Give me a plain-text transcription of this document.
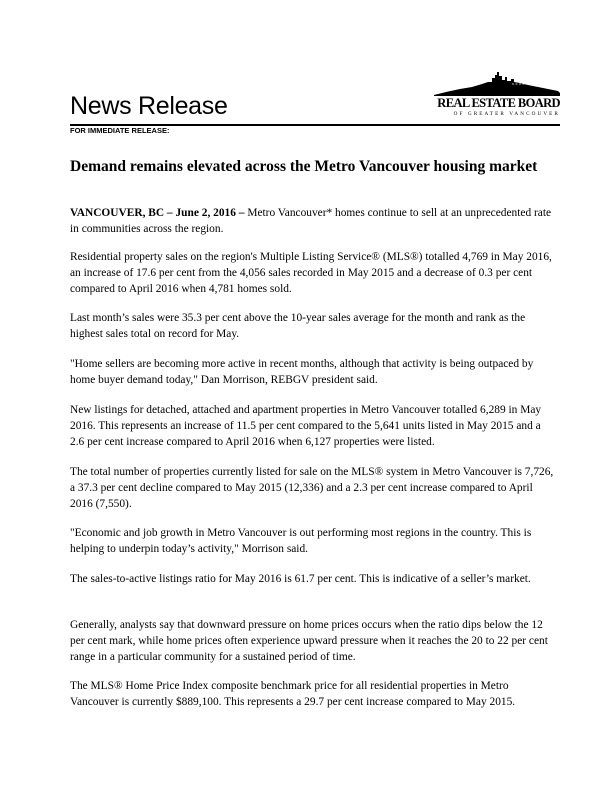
News Release
FOR IMMEDIATE RELEASE:
REAL ESTATE BOARD
OF GREATER VANCOUVER
Demand remains elevated across the Metro Vancouver housing market

VANCOUVER, BC – June 2, 2016 – Metro Vancouver* homes continue to sell at an unprecedented rate in communities across the region.

Residential property sales on the region's Multiple Listing Service® (MLS®) totalled 4,769 in May 2016, an increase of 17.6 per cent from the 4,056 sales recorded in May 2015 and a decrease of 0.3 per cent compared to April 2016 when 4,781 homes sold.

Last month’s sales were 35.3 per cent above the 10-year sales average for the month and rank as the highest sales total on record for May.

"Home sellers are becoming more active in recent months, although that activity is being outpaced by home buyer demand today," Dan Morrison, REBGV president said.

New listings for detached, attached and apartment properties in Metro Vancouver totalled 6,289 in May 2016. This represents an increase of 11.5 per cent compared to the 5,641 units listed in May 2015 and a 2.6 per cent increase compared to April 2016 when 6,127 properties were listed.

The total number of properties currently listed for sale on the MLS® system in Metro Vancouver is 7,726, a 37.3 per cent decline compared to May 2015 (12,336) and a 2.3 per cent increase compared to April 2016 (7,550).

"Economic and job growth in Metro Vancouver is out performing most regions in the country. This is helping to underpin today’s activity," Morrison said.

The sales-to-active listings ratio for May 2016 is 61.7 per cent. This is indicative of a seller’s market.

Generally, analysts say that downward pressure on home prices occurs when the ratio dips below the 12 per cent mark, while home prices often experience upward pressure when it reaches the 20 to 22 per cent range in a particular community for a sustained period of time.

The MLS® Home Price Index composite benchmark price for all residential properties in Metro Vancouver is currently $889,100. This represents a 29.7 per cent increase compared to May 2015.
